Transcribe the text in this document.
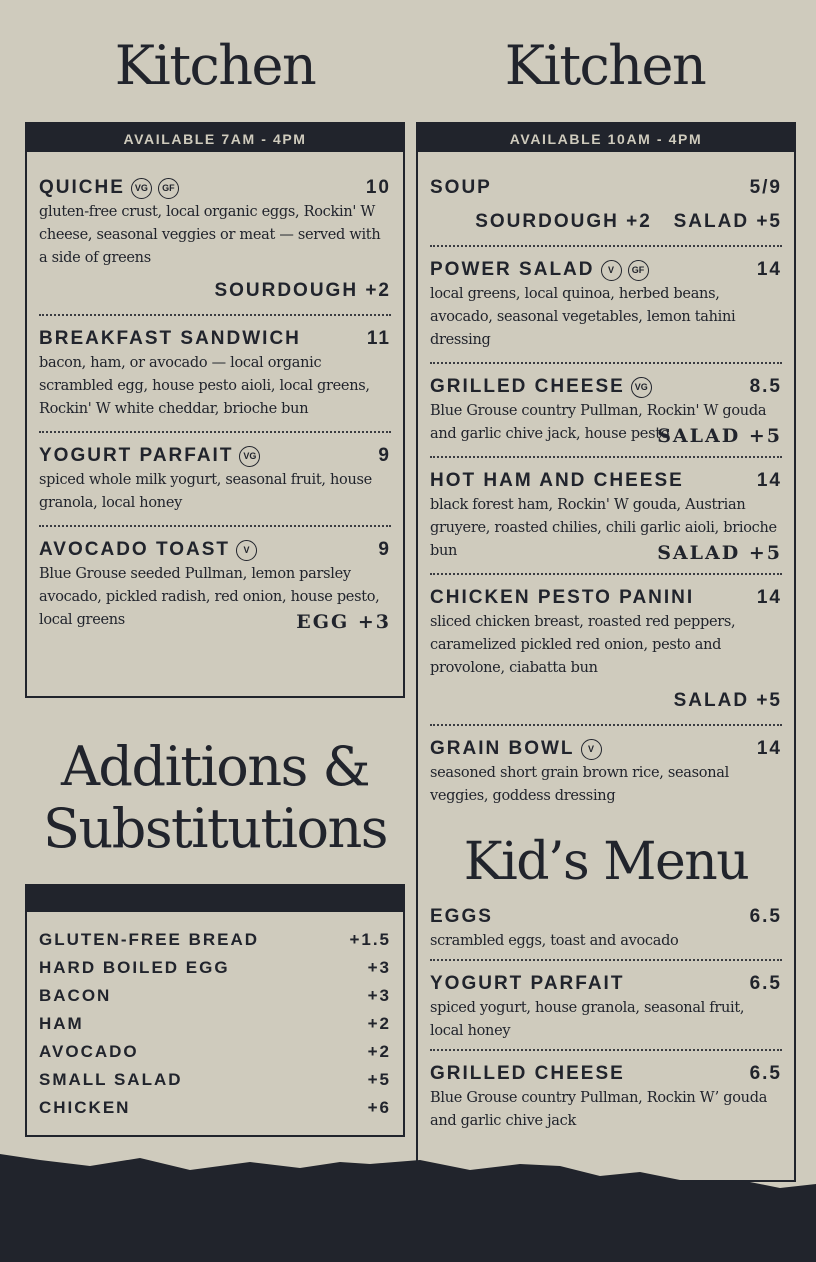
Kitchen	Kitchen
AVAILABLE 7AM - 4PM
QUICHE	VG	GF	10
gluten-free crust, local organic eggs, Rockin' W cheese, seasonal veggies or meat — served with a side of greens
SOURDOUGH +2
BREAKFAST SANDWICH	11
bacon, ham, or avocado — local organic scrambled egg, house pesto aioli, local greens, Rockin' W white cheddar, brioche bun
YOGURT PARFAIT	VG	9
spiced whole milk yogurt, seasonal fruit, house granola, local honey
AVOCADO TOAST	V	9
Blue Grouse seeded Pullman, lemon parsley avocado, pickled radish, red onion, house pesto, local greens	EGG +3
Additions &
Substitutions
GLUTEN-FREE BREAD	+1.5
HARD BOILED EGG	+3
BACON	+3
HAM	+2
AVOCADO	+2
SMALL SALAD	+5
CHICKEN	+6
AVAILABLE 10AM - 4PM
SOUP	5/9
SOURDOUGH +2   SALAD +5
POWER SALAD	V	GF	14
local greens, local quinoa, herbed beans, avocado, seasonal vegetables, lemon tahini dressing
GRILLED CHEESE	VG	8.5
Blue Grouse country Pullman, Rockin' W gouda and garlic chive jack, house pesto
SALAD +5
HOT HAM AND CHEESE	14
black forest ham, Rockin' W gouda, Austrian gruyere, roasted chilies, chili garlic aioli, brioche bun	SALAD +5
CHICKEN PESTO PANINI	14
sliced chicken breast, roasted red peppers, caramelized pickled red onion, pesto and provolone, ciabatta bun
SALAD +5
GRAIN BOWL	V	14
seasoned short grain brown rice, seasonal veggies, goddess dressing
Kid’s Menu
EGGS	6.5
scrambled eggs, toast and avocado
YOGURT PARFAIT	6.5
spiced yogurt, house granola, seasonal fruit, local honey
GRILLED CHEESE	6.5
Blue Grouse country Pullman, Rockin W’ gouda and garlic chive jack
